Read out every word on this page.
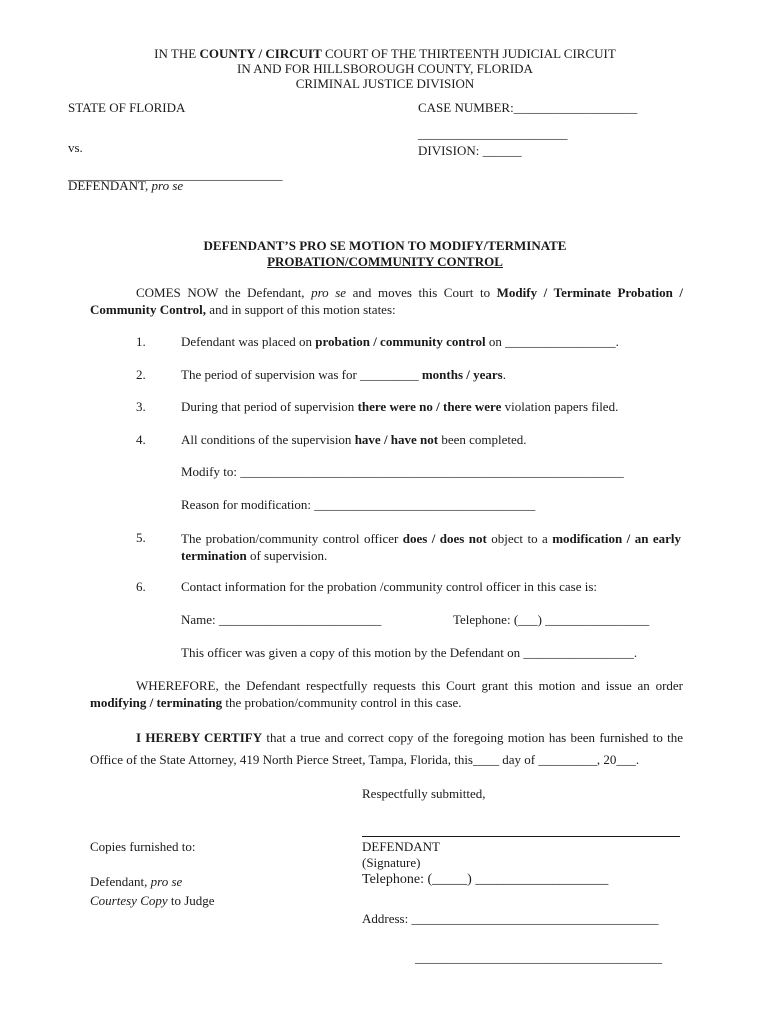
IN THE COUNTY / CIRCUIT COURT OF THE THIRTEENTH JUDICIAL CIRCUIT
IN AND FOR HILLSBOROUGH COUNTY, FLORIDA
CRIMINAL JUSTICE DIVISION
STATE OF FLORIDA	CASE NUMBER:___________________
_______________________
vs.	DIVISION: ______
_________________________________
DEFENDANT, pro se
DEFENDANT’S PRO SE MOTION TO MODIFY/TERMINATE
PROBATION/COMMUNITY CONTROL
COMES NOW the Defendant, pro se and moves this Court to Modify / Terminate Probation / Community Control, and in support of this motion states:
1.	Defendant was placed on probation / community control on _________________.
2.	The period of supervision was for _________ months / years.
3.	During that period of supervision there were no / there were violation papers filed.
4.	All conditions of the supervision have / have not been completed.
Modify to: ___________________________________________________________
Reason for modification: __________________________________
5.	The probation/community control officer does / does not object to a modification / an early termination of supervision.
6.	Contact information for the probation /community control officer in this case is:
Name: _________________________	Telephone: (___) ________________
This officer was given a copy of this motion by the Defendant on _________________.
WHEREFORE, the Defendant respectfully requests this Court grant this motion and issue an order modifying / terminating the probation/community control in this case.
I HEREBY CERTIFY that a true and correct copy of the foregoing motion has been furnished to the Office of the State Attorney, 419 North Pierce Street, Tampa, Florida, this____ day of _________, 20___.
Respectfully submitted,
DEFENDANT
(Signature)
Telephone: (_____) ___________________
Address: ______________________________________
______________________________________
Copies furnished to:
Defendant, pro se
Courtesy Copy to Judge
